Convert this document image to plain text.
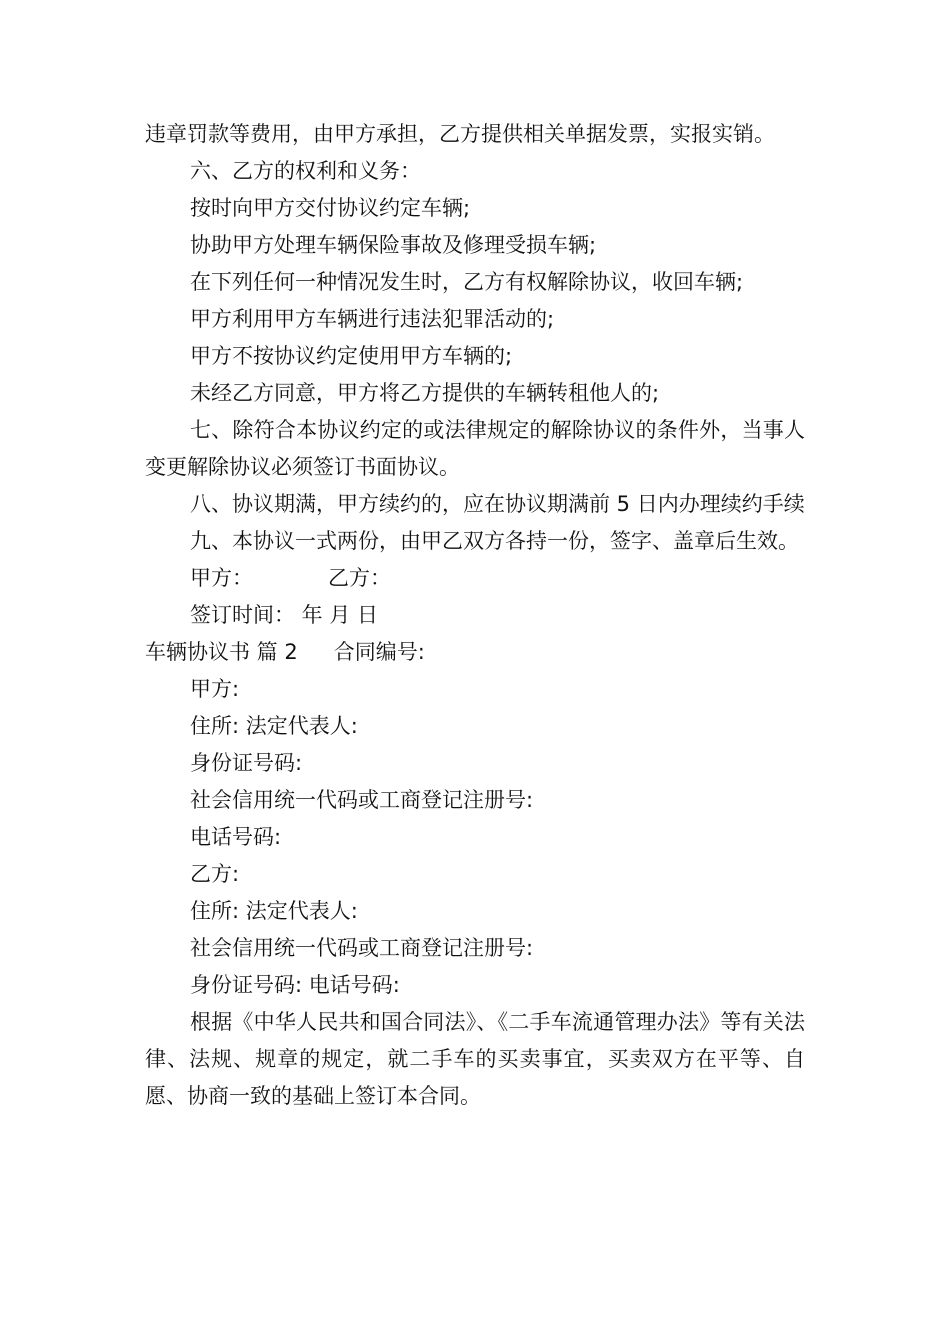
违章罚款等费用，由甲方承担，乙方提供相关单据发票，实报实销。

六、乙方的权利和义务：

按时向甲方交付协议约定车辆;

协助甲方处理车辆保险事故及修理受损车辆;

在下列任何一种情况发生时，乙方有权解除协议，收回车辆;

甲方利用甲方车辆进行违法犯罪活动的;

甲方不按协议约定使用甲方车辆的;

未经乙方同意，甲方将乙方提供的车辆转租他人的;

七、除符合本协议约定的或法律规定的解除协议的条件外，当事人变更解除协议必须签订书面协议。

八、协议期满，甲方续约的，应在协议期满前 5 日内办理续约手续

九、本协议一式两份，由甲乙双方各持一份，签字、盖章后生效。

甲方：	乙方：

签订时间： 年 月 日

车辆协议书 篇 2 合同编号:

甲方:

住所: 法定代表人:

身份证号码:

社会信用统一代码或工商登记注册号:

电话号码:

乙方:

住所: 法定代表人:

社会信用统一代码或工商登记注册号:

身份证号码: 电话号码:

根据《中华人民共和国合同法》、《二手车流通管理办法》等有关法律、法规、规章的规定，就二手车的买卖事宜，买卖双方在平等、自愿、协商一致的基础上签订本合同。
